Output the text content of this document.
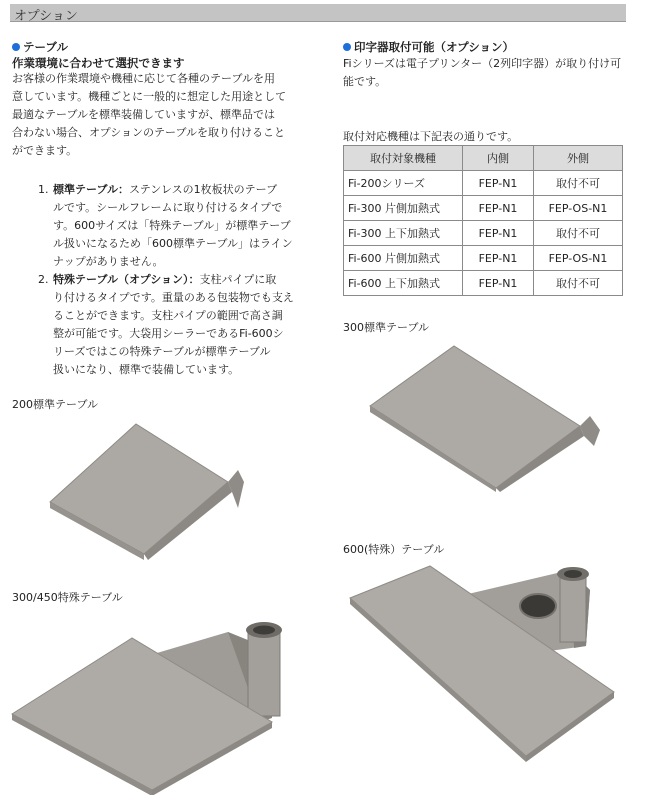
オプション
テーブル
作業環境に合わせて選択できます
お客様の作業環境や機種に応じて各種のテーブルを用
意しています。機種ごとに一般的に想定した用途として
最適なテーブルを標準装備していますが、標準品では
合わない場合、オプションのテーブルを取り付けること
ができます。
1. 標準テーブル：ステンレスの1枚板状のテーブ
ルです。シールフレームに取り付けるタイプで
す。600サイズは「特殊テーブル」が標準テーブ
ル扱いになるため「600標準テーブル」はライン
ナップがありません。
2. 特殊テーブル（オプション）：支柱パイプに取
り付けるタイプです。重量のある包装物でも支え
ることができます。支柱パイプの範囲で高さ調
整が可能です。大袋用シーラーであるFi-600シ
リーズではこの特殊テーブルが標準テーブル
扱いになり、標準で装備しています。
200標準テーブル
300/450特殊テーブル
印字器取付可能（オプション）
Fiシリーズは電子プリンター（2列印字器）が取り付け可
能です。
取付対応機種は下記表の通りです。
取付対象機種	内側	外側
Fi-200シリーズ	FEP-N1	取付不可
Fi-300 片側加熱式	FEP-N1	FEP-OS-N1
Fi-300 上下加熱式	FEP-N1	取付不可
Fi-600 片側加熱式	FEP-N1	FEP-OS-N1
Fi-600 上下加熱式	FEP-N1	取付不可
300標準テーブル
600(特殊）テーブル
